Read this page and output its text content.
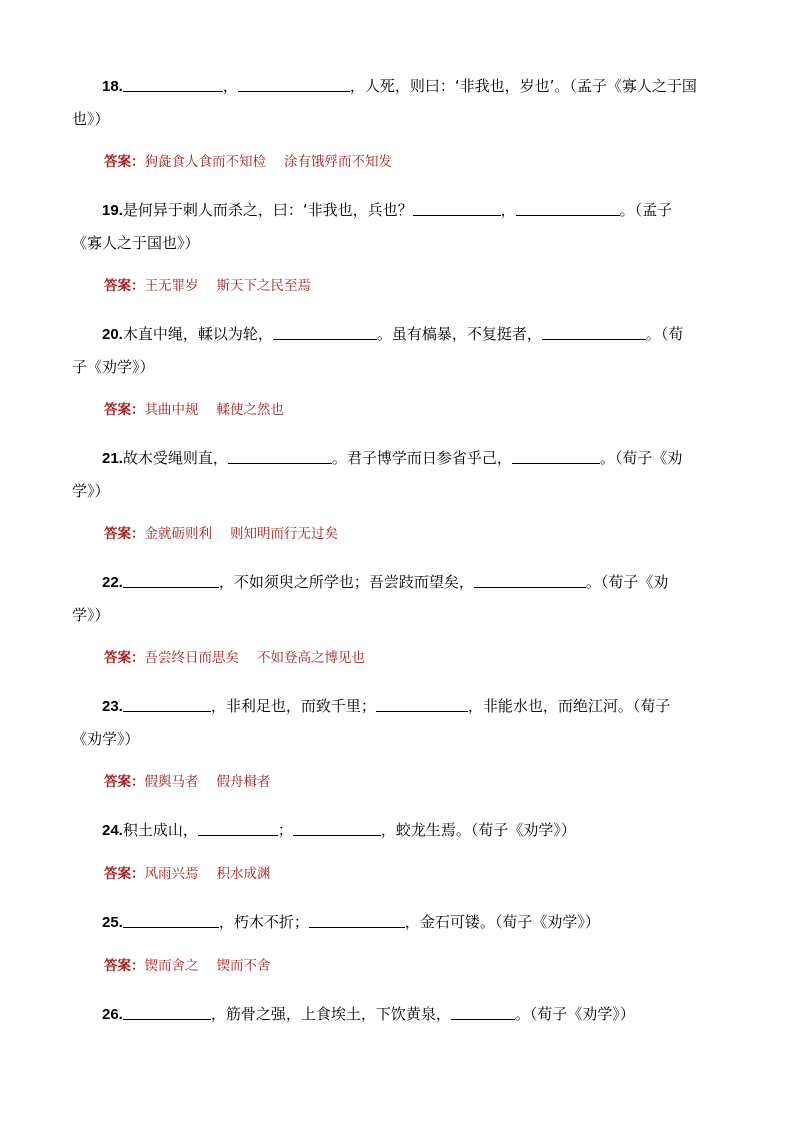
18.	，	，人死，则曰：‘非我也，岁也’。（孟子《寡人之于国也》）
答案：狗彘食人食而不知检 涂有饿殍而不知发
19.是何异于刺人而杀之，曰：‘非我也，兵也？	，	。（孟子《寡人之于国也》）
答案：王无罪岁 斯天下之民至焉
20.木直中绳，輮以为轮，	。虽有槁暴，不复挺者，	。（荀子《劝学》）
答案：其曲中规 輮使之然也
21.故木受绳则直，	。君子博学而日参省乎己，	。（荀子《劝学》）
答案：金就砺则利 则知明而行无过矣
22.	，不如须臾之所学也；吾尝跂而望矣，	。（荀子《劝学》）
答案：吾尝终日而思矣 不如登高之博见也
23.	，非利足也，而致千里；	，非能水也，而绝江河。（荀子《劝学》）
答案：假舆马者 假舟楫者
24.积土成山，	；	，蛟龙生焉。（荀子《劝学》）
答案：风雨兴焉 积水成渊
25.	，朽木不折；	，金石可镂。（荀子《劝学》）
答案：锲而舍之 锲而不舍
26.	，筋骨之强，上食埃土，下饮黄泉，	。（荀子《劝学》）
